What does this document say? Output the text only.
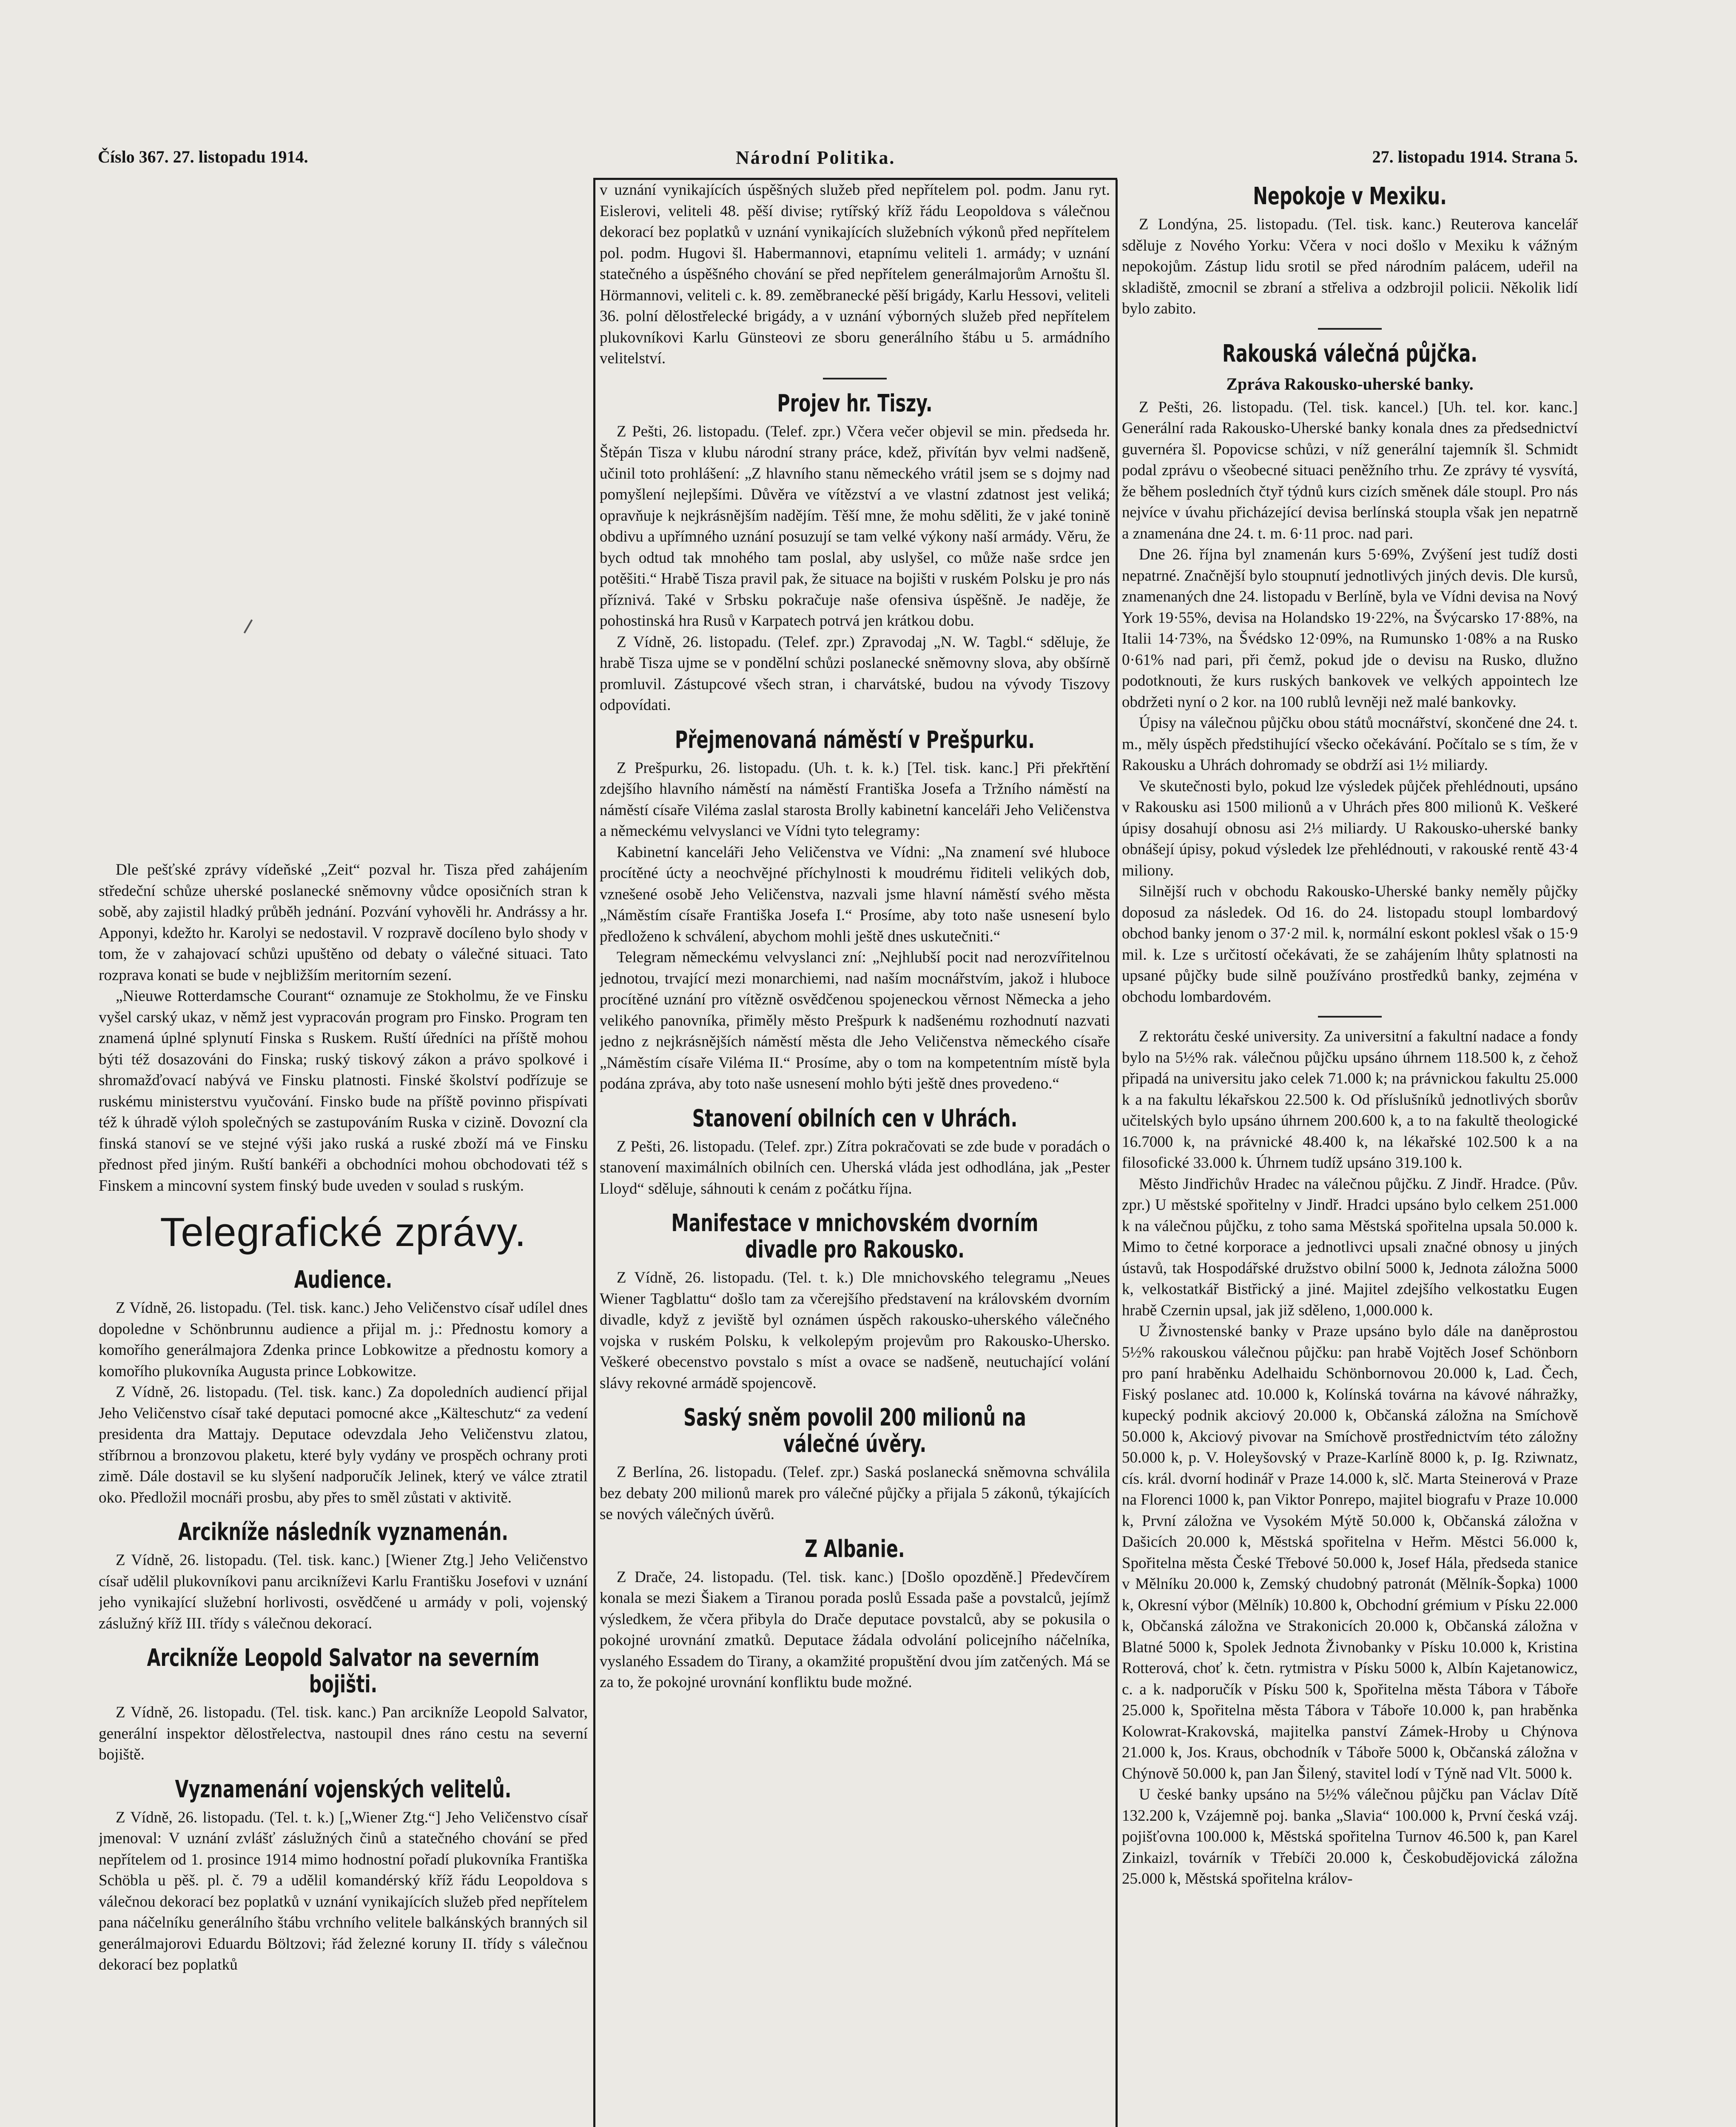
Číslo 367. 27. listopadu 1914.	Národní Politika.	27. listopadu 1914. Strana 5.

Dle pešťské zprávy vídeňské „Zeit“ pozval hr. Tisza před zahájením středeční schůze uherské poslanecké sněmovny vůdce oposičních stran k sobě, aby zajistil hladký průběh jednání. Pozvání vyhověli hr. Andrássy a hr. Apponyi, kdežto hr. Karolyi se nedostavil. V rozpravě docíleno bylo shody v tom, že v zahajovací schůzi upuštěno od debaty o válečné situaci. Tato rozprava konati se bude v nejbližším meritorním sezení.

„Nieuwe Rotterdamsche Courant“ oznamuje ze Stokholmu, že ve Finsku vyšel carský ukaz, v němž jest vypracován program pro Finsko. Program ten znamená úplné splynutí Finska s Ruskem. Ruští úředníci na příště mohou býti též dosazováni do Finska; ruský tiskový zákon a právo spolkové i shromažďovací nabývá ve Finsku platnosti. Finské školství podřízuje se ruskému ministerstvu vyučování. Finsko bude na příště povinno přispívati též k úhradě výloh společných se zastupováním Ruska v cizině. Dovozní cla finská stanoví se ve stejné výši jako ruská a ruské zboží má ve Finsku přednost před jiným. Ruští bankéři a obchodníci mohou obchodovati též s Finskem a mincovní system finský bude uveden v soulad s ruským.

Telegrafické zprávy.
Audience.

Z Vídně, 26. listopadu. (Tel. tisk. kanc.) Jeho Veličenstvo císař udílel dnes dopoledne v Schönbrunnu audience a přijal m. j.: Přednostu komory a komořího generálmajora Zdenka prince Lobkowitze a přednostu komory a komořího plukovníka Augusta prince Lobkowitze.

Z Vídně, 26. listopadu. (Tel. tisk. kanc.) Za dopoledních audiencí přijal Jeho Veličenstvo císař také deputaci pomocné akce „Kälteschutz“ za vedení presidenta dra Mattajy. Deputace odevzdala Jeho Veličenstvu zlatou, stříbrnou a bronzovou plaketu, které byly vydány ve prospěch ochrany proti zimě. Dále dostavil se ku slyšení nadporučík Jelinek, který ve válce ztratil oko. Předložil mocnáři prosbu, aby přes to směl zůstati v aktivitě.

Arcikníže následník vyznamenán.

Z Vídně, 26. listopadu. (Tel. tisk. kanc.) [Wiener Ztg.] Jeho Veličenstvo císař udělil plukovníkovi panu arcikníževi Karlu Františku Josefovi v uznání jeho vynikající služební horlivosti, osvědčené u armády v poli, vojenský záslužný kříž III. třídy s válečnou dekorací.

Arcikníže Leopold Salvator na severním bojišti.

Z Vídně, 26. listopadu. (Tel. tisk. kanc.) Pan arcikníže Leopold Salvator, generální inspektor dělostřelectva, nastoupil dnes ráno cestu na severní bojiště.

Vyznamenání vojenských velitelů.

Z Vídně, 26. listopadu. (Tel. t. k.) [„Wiener Ztg.“] Jeho Veličenstvo císař jmenoval: V uznání zvlášť záslužných činů a statečného chování se před nepřítelem od 1. prosince 1914 mimo hodnostní pořadí plukovníka Františka Schöbla u pěš. pl. č. 79 a udělil komandérský kříž řádu Leopoldova s válečnou dekorací bez poplatků v uznání vynikajících služeb před nepřítelem pana náčelníku generálního štábu vrchního velitele balkánských branných sil generálmajorovi Eduardu Böltzovi; řád železné koruny II. třídy s válečnou dekorací bez poplatků

v uznání vynikajících úspěšných služeb před nepřítelem pol. podm. Janu ryt. Eislerovi, veliteli 48. pěší divise; rytířský kříž řádu Leopoldova s válečnou dekorací bez poplatků v uznání vynikajících služebních výkonů před nepřítelem pol. podm. Hugovi šl. Habermannovi, etapnímu veliteli 1. armády; v uznání statečného a úspěšného chování se před nepřítelem generálmajorům Arnoštu šl. Hörmannovi, veliteli c. k. 89. zeměbranecké pěší brigády, Karlu Hessovi, veliteli 36. polní dělostřelecké brigády, a v uznání výborných služeb před nepřítelem plukovníkovi Karlu Günsteovi ze sboru generálního štábu u 5. armádního velitelství.

Projev hr. Tiszy.

Z Pešti, 26. listopadu. (Telef. zpr.) Včera večer objevil se min. předseda hr. Štěpán Tisza v klubu národní strany práce, kdež, přivítán byv velmi nadšeně, učinil toto prohlášení: „Z hlavního stanu německého vrátil jsem se s dojmy nad pomyšlení nejlepšími. Důvěra ve vítězství a ve vlastní zdatnost jest veliká; opravňuje k nejkrásnějším nadějím. Těší mne, že mohu sděliti, že v jaké tonině obdivu a upřímného uznání posuzují se tam velké výkony naší armády. Věru, že bych odtud tak mnohého tam poslal, aby uslyšel, co může naše srdce jen potěšiti.“ Hrabě Tisza pravil pak, že situace na bojišti v ruském Polsku je pro nás příznivá. Také v Srbsku pokračuje naše ofensiva úspěšně. Je naděje, že pohostinská hra Rusů v Karpatech potrvá jen krátkou dobu.

Z Vídně, 26. listopadu. (Telef. zpr.) Zpravodaj „N. W. Tagbl.“ sděluje, že hrabě Tisza ujme se v pondělní schůzi poslanecké sněmovny slova, aby obšírně promluvil. Zástupcové všech stran, i charvátské, budou na vývody Tiszovy odpovídati.

Přejmenovaná náměstí v Prešpurku.

Z Prešpurku, 26. listopadu. (Uh. t. k. k.) [Tel. tisk. kanc.] Při překřtění zdejšího hlavního náměstí na náměstí Františka Josefa a Tržního náměstí na náměstí císaře Viléma zaslal starosta Brolly kabinetní kanceláři Jeho Veličenstva a německému velvyslanci ve Vídni tyto telegramy:

Kabinetní kanceláři Jeho Veličenstva ve Vídni: „Na znamení své hluboce procítěné úcty a neochvějné příchylnosti k moudrému řiditeli velikých dob, vznešené osobě Jeho Veličenstva, nazvali jsme hlavní náměstí svého města „Náměstím císaře Františka Josefa I.“ Prosíme, aby toto naše usnesení bylo předloženo k schválení, abychom mohli ještě dnes uskutečniti.“

Telegram německému velvyslanci zní: „Nejhlubší pocit nad nerozvířitelnou jednotou, trvající mezi monarchiemi, nad naším mocnářstvím, jakož i hluboce procítěné uznání pro vítězně osvědčenou spojeneckou věrnost Německa a jeho velikého panovníka, přiměly město Prešpurk k nadšenému rozhodnutí nazvati jedno z nejkrásnějších náměstí města dle Jeho Veličenstva německého císaře „Náměstím císaře Viléma II.“ Prosíme, aby o tom na kompetentním místě byla podána zpráva, aby toto naše usnesení mohlo býti ještě dnes provedeno.“

Stanovení obilních cen v Uhrách.

Z Pešti, 26. listopadu. (Telef. zpr.) Zítra pokračovati se zde bude v poradách o stanovení maximálních obilních cen. Uherská vláda jest odhodlána, jak „Pester Lloyd“ sděluje, sáhnouti k cenám z počátku října.

Manifestace v mnichovském dvorním divadle pro Rakousko.

Z Vídně, 26. listopadu. (Tel. t. k.) Dle mnichovského telegramu „Neues Wiener Tagblattu“ došlo tam za včerejšího představení na královském dvorním divadle, když z jeviště byl oznámen úspěch rakousko-uherského válečného vojska v ruském Polsku, k velkolepým projevům pro Rakousko-Uhersko. Veškeré obecenstvo povstalo s míst a ovace se nadšeně, neutuchající volání slávy rekovné armádě spojencově.

Saský sněm povolil 200 milionů na válečné úvěry.

Z Berlína, 26. listopadu. (Telef. zpr.) Saská poslanecká sněmovna schválila bez debaty 200 milionů marek pro válečné půjčky a přijala 5 zákonů, týkajících se nových válečných úvěrů.

Z Albanie.

Z Drače, 24. listopadu. (Tel. tisk. kanc.) [Došlo opozděně.] Předevčírem konala se mezi Šiakem a Tiranou porada poslů Essada paše a povstalců, jejímž výsledkem, že včera přibyla do Drače deputace povstalců, aby se pokusila o pokojné urovnání zmatků. Deputace žádala odvolání policejního náčelníka, vyslaného Essadem do Tirany, a okamžité propuštění dvou jím zatčených. Má se za to, že pokojné urovnání konfliktu bude možné.

Nepokoje v Mexiku.

Z Londýna, 25. listopadu. (Tel. tisk. kanc.) Reuterova kancelář sděluje z Nového Yorku: Včera v noci došlo v Mexiku k vážným nepokojům. Zástup lidu srotil se před národním palácem, udeřil na skladiště, zmocnil se zbraní a střeliva a odzbrojil policii. Několik lidí bylo zabito.

Rakouská válečná půjčka.
Zpráva Rakousko-uherské banky.

Z Pešti, 26. listopadu. (Tel. tisk. kancel.) [Uh. tel. kor. kanc.] Generální rada Rakousko-Uherské banky konala dnes za předsednictví guvernéra šl. Popovicse schůzi, v níž generální tajemník šl. Schmidt podal zprávu o všeobecné situaci peněžního trhu. Ze zprávy té vysvítá, že během posledních čtyř týdnů kurs cizích směnek dále stoupl. Pro nás nejvíce v úvahu přicházející devisa berlínská stoupla však jen nepatrně a znamenána dne 24. t. m. 6·11 proc. nad pari.

Dne 26. října byl znamenán kurs 5·69%, Zvýšení jest tudíž dosti nepatrné. Značnější bylo stoupnutí jednotlivých jiných devis. Dle kursů, znamenaných dne 24. listopadu v Berlíně, byla ve Vídni devisa na Nový York 19·55%, devisa na Holandsko 19·22%, na Švýcarsko 17·88%, na Italii 14·73%, na Švédsko 12·09%, na Rumunsko 1·08% a na Rusko 0·61% nad pari, při čemž, pokud jde o devisu na Rusko, dlužno podotknouti, že kurs ruských bankovek ve velkých appointech lze obdržeti nyní o 2 kor. na 100 rublů levněji než malé bankovky.

Úpisy na válečnou půjčku obou států mocnářství, skončené dne 24. t. m., měly úspěch předstihující všecko očekávání. Počítalo se s tím, že v Rakousku a Uhrách dohromady se obdrží asi 1½ miliardy.

Ve skutečnosti bylo, pokud lze výsledek půjček přehlédnouti, upsáno v Rakousku asi 1500 milionů a v Uhrách přes 800 milionů K. Veškeré úpisy dosahují obnosu asi 2⅓ miliardy. U Rakousko-uherské banky obnášejí úpisy, pokud výsledek lze přehlédnouti, v rakouské rentě 43·4 miliony.

Silnější ruch v obchodu Rakousko-Uherské banky neměly půjčky doposud za následek. Od 16. do 24. listopadu stoupl lombardový obchod banky jenom o 37·2 mil. k, normální eskont poklesl však o 15·9 mil. k. Lze s určitostí očekávati, že se zahájením lhůty splatnosti na upsané půjčky bude silně používáno prostředků banky, zejména v obchodu lombardovém.

Z rektorátu české university. Za universitní a fakultní nadace a fondy bylo na 5½% rak. válečnou půjčku upsáno úhrnem 118.500 k, z čehož připadá na universitu jako celek 71.000 k; na právnickou fakultu 25.000 k a na fakultu lékařskou 22.500 k. Od příslušníků jednotlivých sborův učitelských bylo upsáno úhrnem 200.600 k, a to na fakultě theologické 16.7000 k, na právnické 48.400 k, na lékařské 102.500 k a na filosofické 33.000 k. Úhrnem tudíž upsáno 319.100 k.

Město Jindřichův Hradec na válečnou půjčku. Z Jindř. Hradce. (Pův. zpr.) U městské spořitelny v Jindř. Hradci upsáno bylo celkem 251.000 k na válečnou půjčku, z toho sama Městská spořitelna upsala 50.000 k. Mimo to četné korporace a jednotlivci upsali značné obnosy u jiných ústavů, tak Hospodářské družstvo obilní 5000 k, Jednota záložna 5000 k, velkostatkář Bistřický a jiné. Majitel zdejšího velkostatku Eugen hrabě Czernin upsal, jak již sděleno, 1,000.000 k.

U Živnostenské banky v Praze upsáno bylo dále na daněprostou 5½% rakouskou válečnou půjčku: pan hrabě Vojtěch Josef Schönborn pro paní hraběnku Adelhaidu Schönbornovou 20.000 k, Lad. Čech, Fiský poslanec atd. 10.000 k, Kolínská továrna na kávové náhražky, kupecký podnik akciový 20.000 k, Občanská záložna na Smíchově 50.000 k, Akciový pivovar na Smíchově prostřednictvím této záložny 50.000 k, p. V. Holeyšovský v Praze-Karlíně 8000 k, p. Ig. Rziwnatz, cís. král. dvorní hodinář v Praze 14.000 k, slč. Marta Steinerová v Praze na Florenci 1000 k, pan Viktor Ponrepo, majitel biografu v Praze 10.000 k, První záložna ve Vysokém Mýtě 50.000 k, Občanská záložna v Dašicích 20.000 k, Městská spořitelna v Heřm. Městci 56.000 k, Spořitelna města České Třebové 50.000 k, Josef Hála, předseda stanice v Mělníku 20.000 k, Zemský chudobný patronát (Mělník-Šopka) 1000 k, Okresní výbor (Mělník) 10.800 k, Obchodní grémium v Písku 22.000 k, Občanská záložna ve Strakonicích 20.000 k, Občanská záložna v Blatné 5000 k, Spolek Jednota Živnobanky v Písku 10.000 k, Kristina Rotterová, choť k. četn. rytmistra v Písku 5000 k, Albín Kajetanowicz, c. a k. nadporučík v Písku 500 k, Spořitelna města Tábora v Táboře 25.000 k, Spořitelna města Tábora v Táboře 10.000 k, pan hraběnka Kolowrat-Krakovská, majitelka panství Zámek-Hroby u Chýnova 21.000 k, Jos. Kraus, obchodník v Táboře 5000 k, Občanská záložna v Chýnově 50.000 k, pan Jan Šilený, stavitel lodí v Týně nad Vlt. 5000 k.

U české banky upsáno na 5½% válečnou půjčku pan Václav Dítě 132.200 k, Vzájemně poj. banka „Slavia“ 100.000 k, První česká vzáj. pojišťovna 100.000 k, Městská spořitelna Turnov 46.500 k, pan Karel Zinkaizl, továrník v Třebíči 20.000 k, Českobudějovická záložna 25.000 k, Městská spořitelna králov-
